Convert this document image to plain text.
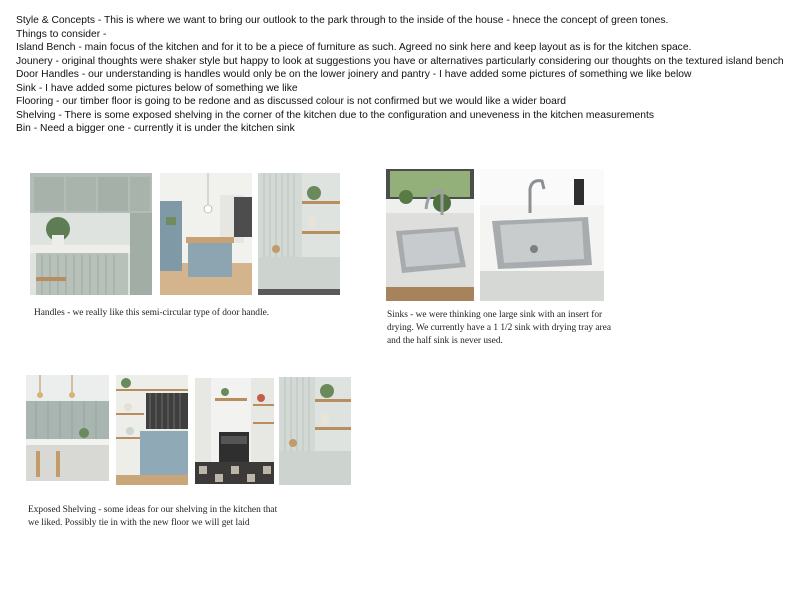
Style & Concepts - This is where we want to bring our outlook to the park through to the inside of the house - hnece the concept of green tones.

Things to consider -

Island Bench - main focus of the kitchen and for it to be a piece of furniture as such. Agreed no sink here and keep layout as is for the kitchen space.

Jounery - original thoughts were shaker style but happy to look at suggestions you have or alternatives particularly considering our thoughts on the textured island bench

Door Handles - our understanding is handles would only be on the lower joinery and pantry - I have added some pictures of something we like below

Sink - I have added some pictures below of something we like

Flooring - our timber floor is going to be redone and as discussed colour is not confirmed but we would like a wider board

Shelving - There is some exposed shelving in the corner of the kitchen due to the configuration and uneveness in the kitchen measurements

Bin - Need a bigger one - currently it is under the kitchen sink

Handles - we really like this semi-circular type of door handle.	Sinks - we were thinking one large sink with an insert for drying. We currently have a 1 1/2 sink with drying tray area and the half sink is never used.
Exposed Shelving - some ideas for our shelving in the kitchen that we liked. Possibly tie in with the new floor we will get laid
